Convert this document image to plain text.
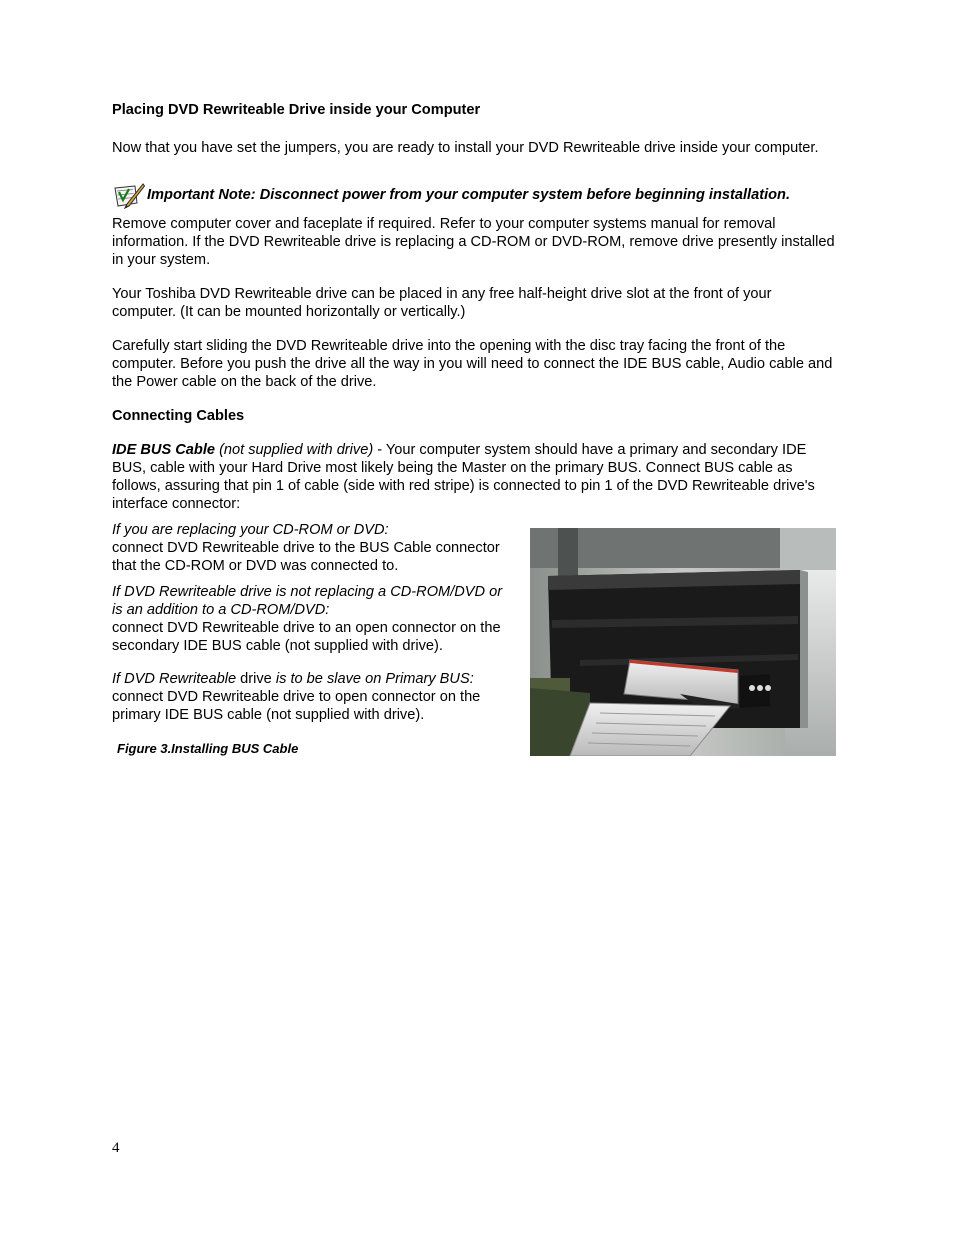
Placing DVD Rewriteable Drive inside your Computer

Now that you have set the jumpers, you are ready to install your DVD Rewriteable drive inside your computer.

Important Note: Disconnect power from your computer system before beginning installation.

Remove computer cover and faceplate if required. Refer to your computer systems manual for removal information. If the DVD Rewriteable drive is replacing a CD-ROM or DVD-ROM, remove drive presently installed in your system.

Your Toshiba DVD Rewriteable drive can be placed in any free half-height drive slot at the front of your computer. (It can be mounted horizontally or vertically.)

Carefully start sliding the DVD Rewriteable drive into the opening with the disc tray facing the front of the computer. Before you push the drive all the way in you will need to connect the IDE BUS cable, Audio cable and the Power cable on the back of the drive.

Connecting Cables

IDE BUS Cable (not supplied with drive) - Your computer system should have a primary and secondary IDE BUS, cable with your Hard Drive most likely being the Master on the primary BUS. Connect BUS cable as follows, assuring that pin 1 of cable (side with red stripe) is connected to pin 1 of the DVD Rewriteable drive's interface connector:

If you are replacing your CD-ROM or DVD:
connect DVD Rewriteable drive to the BUS Cable connector that the CD-ROM or DVD was connected to.

If DVD Rewriteable drive is not replacing a CD-ROM/DVD or is an addition to a CD-ROM/DVD:
connect DVD Rewriteable drive to an open connector on the secondary IDE BUS cable (not supplied with drive).

If DVD Rewriteable drive is to be slave on Primary BUS:
connect DVD Rewriteable drive to open connector on the primary IDE BUS cable (not supplied with drive).

Figure 3.Installing BUS Cable
4
